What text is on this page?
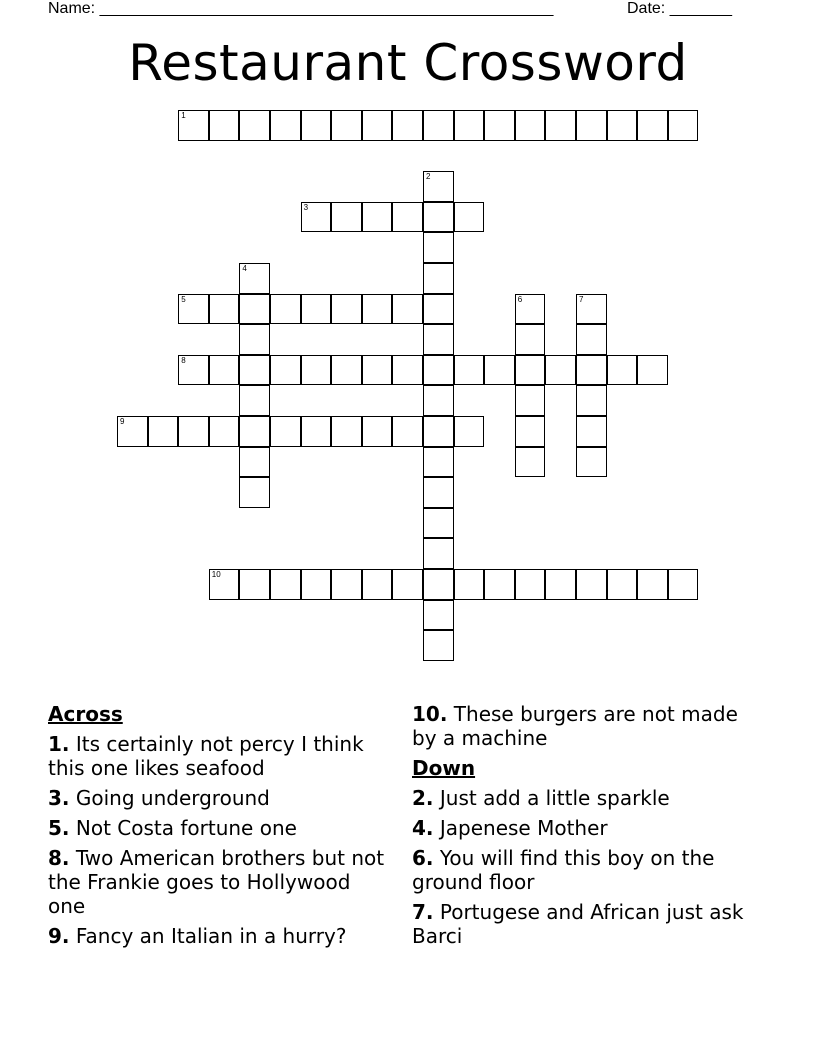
Name: ___________________________________________________	Date: _______
Restaurant Crossword
1
2
3
4
5	6	7
8
9
10
Across
1. Its certainly not percy I think this one likes seafood
3. Going underground
5. Not Costa fortune one
8. Two American brothers but not the Frankie goes to Hollywood one
9. Fancy an Italian in a hurry?
10. These burgers are not made by a machine
Down
2. Just add a little sparkle
4. Japenese Mother
6. You will find this boy on the ground floor
7. Portugese and African just ask Barci
